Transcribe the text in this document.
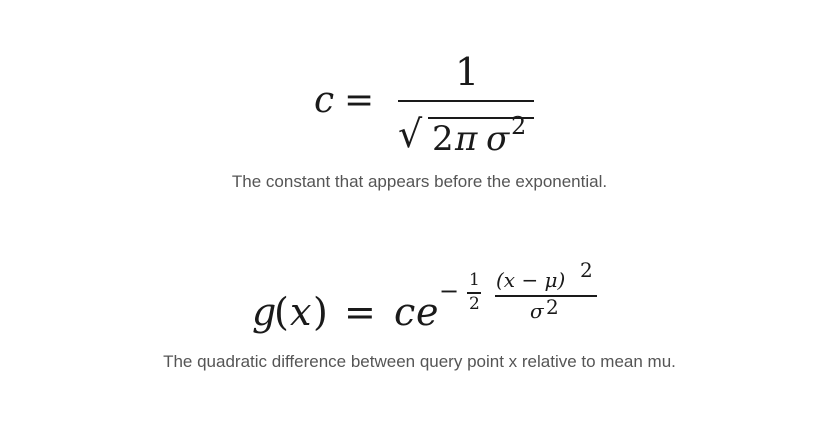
c =
1
√ 2 π σ 2
The constant that appears before the exponential.
g
( x ) = c e − 1
2
(x − μ) 2
σ 2
The quadratic difference between query point x relative to mean mu.
